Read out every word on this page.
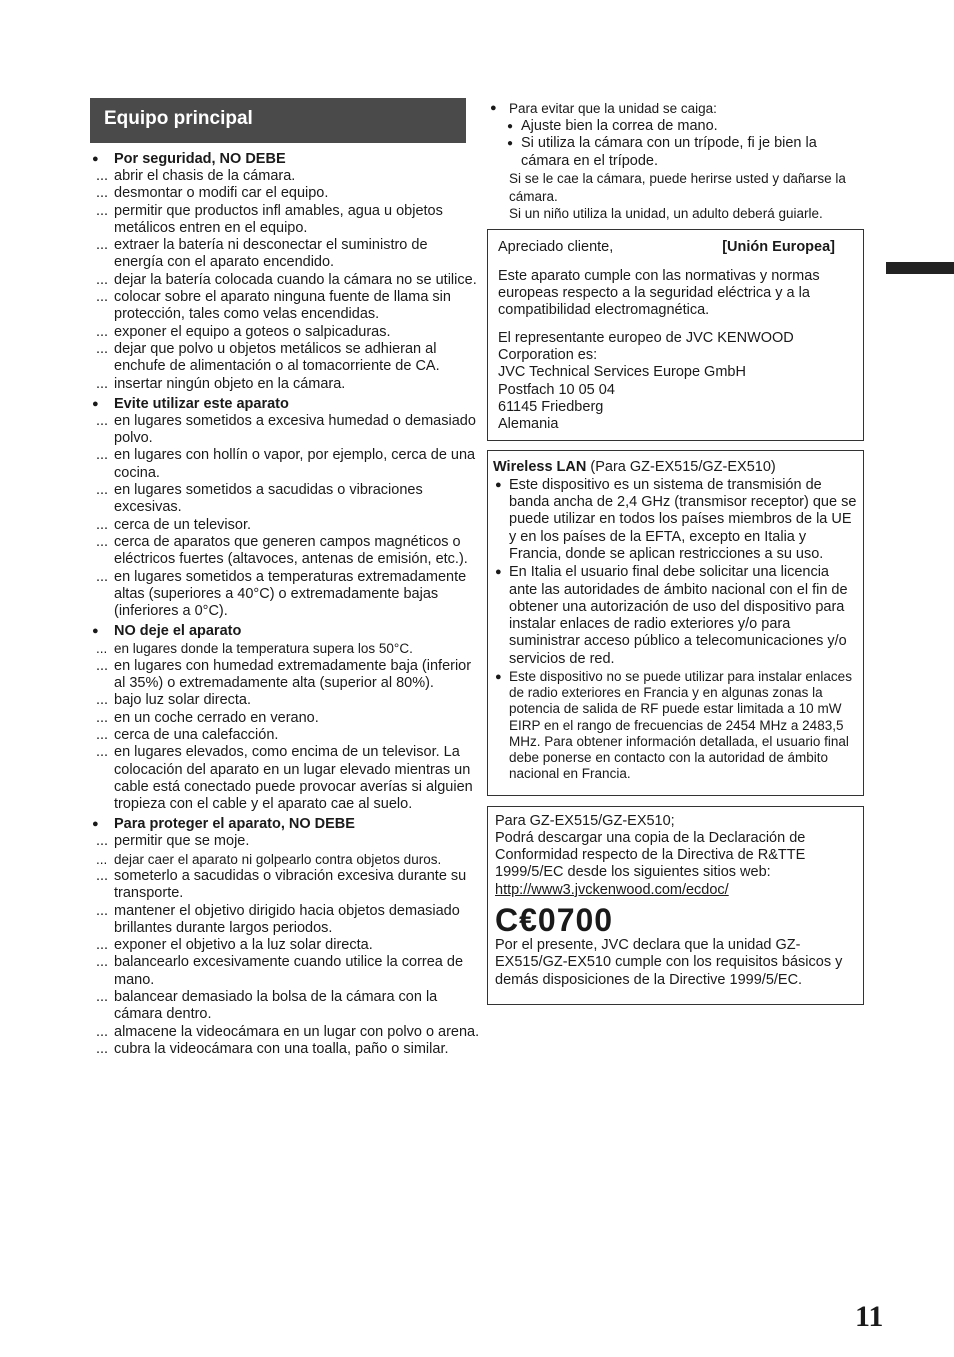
Equipo principal
● Por seguridad, NO DEBE
... abrir el chasis de la cámara.
... desmontar o modifi car el equipo.
... permitir que productos infl amables, agua u objetos metálicos entren en el equipo.
... extraer la batería ni desconectar el suministro de energía con el aparato encendido.
... dejar la batería colocada cuando la cámara no se utilice.
... colocar sobre el aparato ninguna fuente de llama sin protección, tales como velas encendidas.
... exponer el equipo a goteos o salpicaduras.
... dejar que polvo u objetos metálicos se adhieran al enchufe de alimentación o al tomacorriente de CA.
... insertar ningún objeto en la cámara.
● Evite utilizar este aparato
... en lugares sometidos a excesiva humedad o demasiado polvo.
... en lugares con hollín o vapor, por ejemplo, cerca de una cocina.
... en lugares sometidos a sacudidas o vibraciones excesivas.
... cerca de un televisor.
... cerca de aparatos que generen campos magnéticos o eléctricos fuertes (altavoces, antenas de emisión, etc.).
... en lugares sometidos a temperaturas extremadamente altas (superiores a 40°C) o extremadamente bajas (inferiores a 0°C).
● NO deje el aparato
... en lugares donde la temperatura supera los 50°C.
... en lugares con humedad extremadamente baja (inferior al 35%) o extremadamente alta (superior al 80%).
... bajo luz solar directa.
... en un coche cerrado en verano.
... cerca de una calefacción.
... en lugares elevados, como encima de un televisor. La colocación del aparato en un lugar elevado mientras un cable está conectado puede provocar averías si alguien tropieza con el cable y el aparato cae al suelo.
● Para proteger el aparato, NO DEBE
... permitir que se moje.
... dejar caer el aparato ni golpearlo contra objetos duros.
... someterlo a sacudidas o vibración excesiva durante su transporte.
... mantener el objetivo dirigido hacia objetos demasiado brillantes durante largos periodos.
... exponer el objetivo a la luz solar directa.
... balancearlo excesivamente cuando utilice la correa de mano.
... balancear demasiado la bolsa de la cámara con la cámara dentro.
... almacene la videocámara en un lugar con polvo o arena.
... cubra la videocámara con una toalla, paño o similar.
● Para evitar que la unidad se caiga:
● Ajuste bien la correa de mano.
● Si utiliza la cámara con un trípode, fi je bien la cámara en el trípode.
Si se le cae la cámara, puede herirse usted y dañarse la cámara.
Si un niño utiliza la unidad, un adulto deberá guiarle.
Apreciado cliente,	[Unión Europea]

Este aparato cumple con las normativas y normas europeas respecto a la seguridad eléctrica y a la compatibilidad electromagnética.

El representante europeo de JVC KENWOOD Corporation es:

JVC Technical Services Europe GmbH

Postfach 10 05 04

61145 Friedberg

Alemania

Wireless LAN (Para GZ-EX515/GZ-EX510)
● Este dispositivo es un sistema de transmisión de banda ancha de 2,4 GHz (transmisor receptor) que se puede utilizar en todos los países miembros de la UE y en los países de la EFTA, excepto en Italia y Francia, donde se aplican restricciones a su uso.
● En Italia el usuario final debe solicitar una licencia ante las autoridades de ámbito nacional con el fin de obtener una autorización de uso del dispositivo para instalar enlaces de radio exteriores y/o para suministrar acceso público a telecomunicaciones y/o servicios de red.
● Este dispositivo no se puede utilizar para instalar enlaces de radio exteriores en Francia y en algunas zonas la potencia de salida de RF puede estar limitada a 10 mW EIRP en el rango de frecuencias de 2454 MHz a 2483,5 MHz. Para obtener información detallada, el usuario final debe ponerse en contacto con la autoridad de ámbito nacional en Francia.
Para GZ-EX515/GZ-EX510;
Podrá descargar una copia de la Declaración de Conformidad respecto de la Directiva de R&TTE 1999/5/EC desde los siguientes sitios web:
http://www3.jvckenwood.com/ecdoc/
C€0700
Por el presente, JVC declara que la unidad GZ-EX515/GZ-EX510 cumple con los requisitos básicos y demás disposiciones de la Directive 1999/5/EC.
11
